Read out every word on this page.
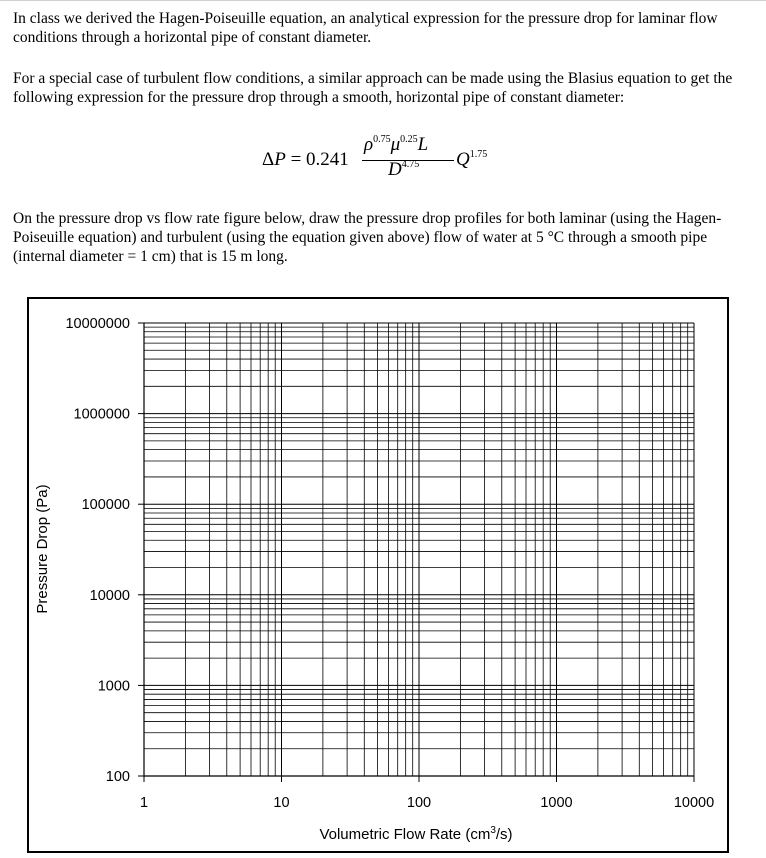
In class we derived the Hagen-Poiseuille equation, an analytical expression for the pressure drop for laminar flow conditions through a horizontal pipe of constant diameter.

For a special case of turbulent flow conditions, a similar approach can be made using the Blasius equation to get the following expression for the pressure drop through a smooth, horizontal pipe of constant diameter:

ΔP = 0.241
$\rho^{0.75}\mu^{0.25}L$
$D^{4.75}$ $Q^{1.75}$

On the pressure drop vs flow rate figure below, draw the pressure drop profiles for both laminar (using the Hagen-Poiseuille equation) and turbulent (using the equation given above) flow of water at 5 °C through a smooth pipe (internal diameter = 1 cm) that is 15 m long.

10000000
1000000
100000
10000
1000
100
1	10	100	1000	10000
Volumetric Flow Rate $(cm^3/s)$
Pressure Drop (Pa)
